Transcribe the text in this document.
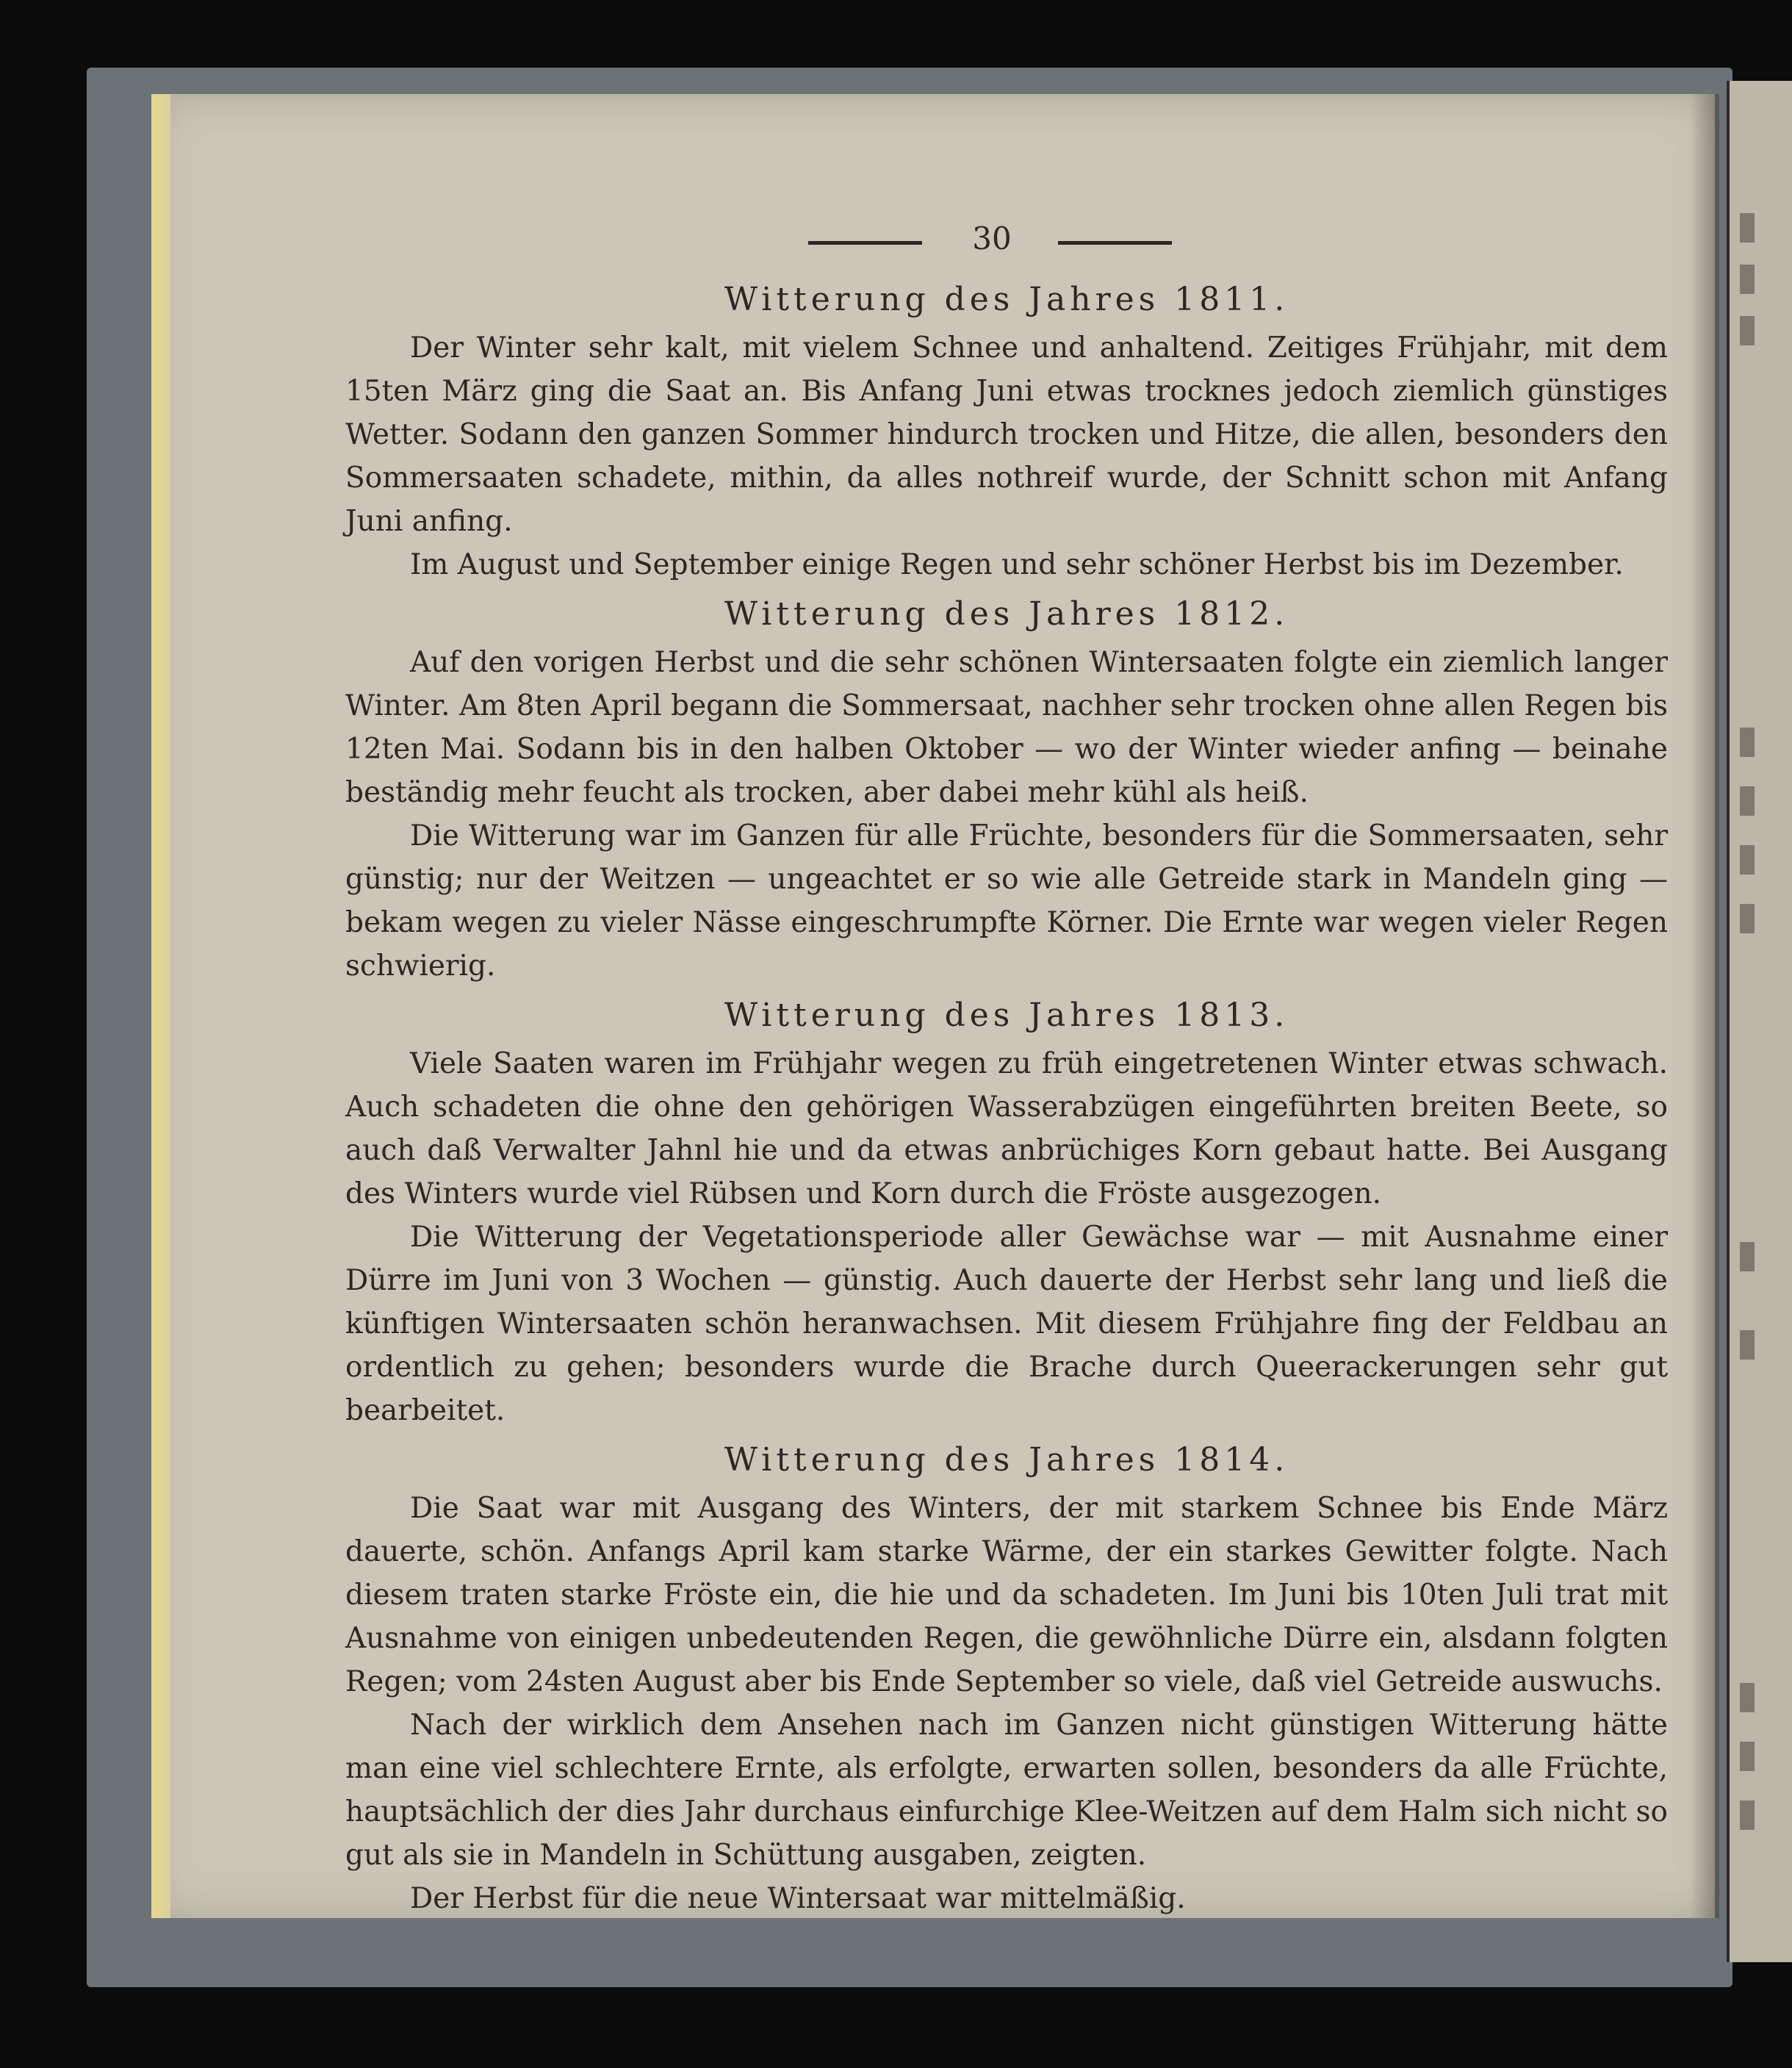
30
Witterung des Jahres 1811.

Der Winter sehr kalt, mit vielem Schnee und anhaltend. Zeitiges Frühjahr, mit dem 15ten März ging die Saat an. Bis Anfang Juni etwas trocknes jedoch ziemlich günstiges Wetter. Sodann den ganzen Sommer hindurch trocken und Hitze, die allen, besonders den Sommersaaten schadete, mithin, da alles nothreif wurde, der Schnitt schon mit Anfang Juni anfing.

Im August und September einige Regen und sehr schöner Herbst bis im Dezember.

Witterung des Jahres 1812.

Auf den vorigen Herbst und die sehr schönen Wintersaaten folgte ein ziemlich langer Winter. Am 8ten April begann die Sommersaat, nachher sehr trocken ohne allen Regen bis 12ten Mai. Sodann bis in den halben Oktober — wo der Winter wieder anfing — beinahe beständig mehr feucht als trocken, aber dabei mehr kühl als heiß.

Die Witterung war im Ganzen für alle Früchte, besonders für die Sommersaaten, sehr günstig; nur der Weitzen — ungeachtet er so wie alle Getreide stark in Mandeln ging — bekam wegen zu vieler Nässe eingeschrumpfte Körner. Die Ernte war wegen vieler Regen schwierig.

Witterung des Jahres 1813.

Viele Saaten waren im Frühjahr wegen zu früh eingetretenen Winter etwas schwach. Auch schadeten die ohne den gehörigen Wasserabzügen eingeführten breiten Beete, so auch daß Verwalter Jahnl hie und da etwas anbrüchiges Korn gebaut hatte. Bei Ausgang des Winters wurde viel Rübsen und Korn durch die Fröste ausgezogen.

Die Witterung der Vegetationsperiode aller Gewächse war — mit Ausnahme einer Dürre im Juni von 3 Wochen — günstig. Auch dauerte der Herbst sehr lang und ließ die künftigen Wintersaaten schön heranwachsen. Mit diesem Frühjahre fing der Feldbau an ordentlich zu gehen; besonders wurde die Brache durch Queerackerungen sehr gut bearbeitet.

Witterung des Jahres 1814.

Die Saat war mit Ausgang des Winters, der mit starkem Schnee bis Ende März dauerte, schön. Anfangs April kam starke Wärme, der ein starkes Gewitter folgte. Nach diesem traten starke Fröste ein, die hie und da schadeten. Im Juni bis 10ten Juli trat mit Ausnahme von einigen unbedeutenden Regen, die gewöhnliche Dürre ein, alsdann folgten Regen; vom 24sten August aber bis Ende September so viele, daß viel Getreide auswuchs.

Nach der wirklich dem Ansehen nach im Ganzen nicht günstigen Witterung hätte man eine viel schlechtere Ernte, als erfolgte, erwarten sollen, besonders da alle Früchte, hauptsächlich der dies Jahr durchaus einfurchige Klee-Weitzen auf dem Halm sich nicht so gut als sie in Mandeln in Schüttung ausgaben, zeigten.

Der Herbst für die neue Wintersaat war mittelmäßig.
